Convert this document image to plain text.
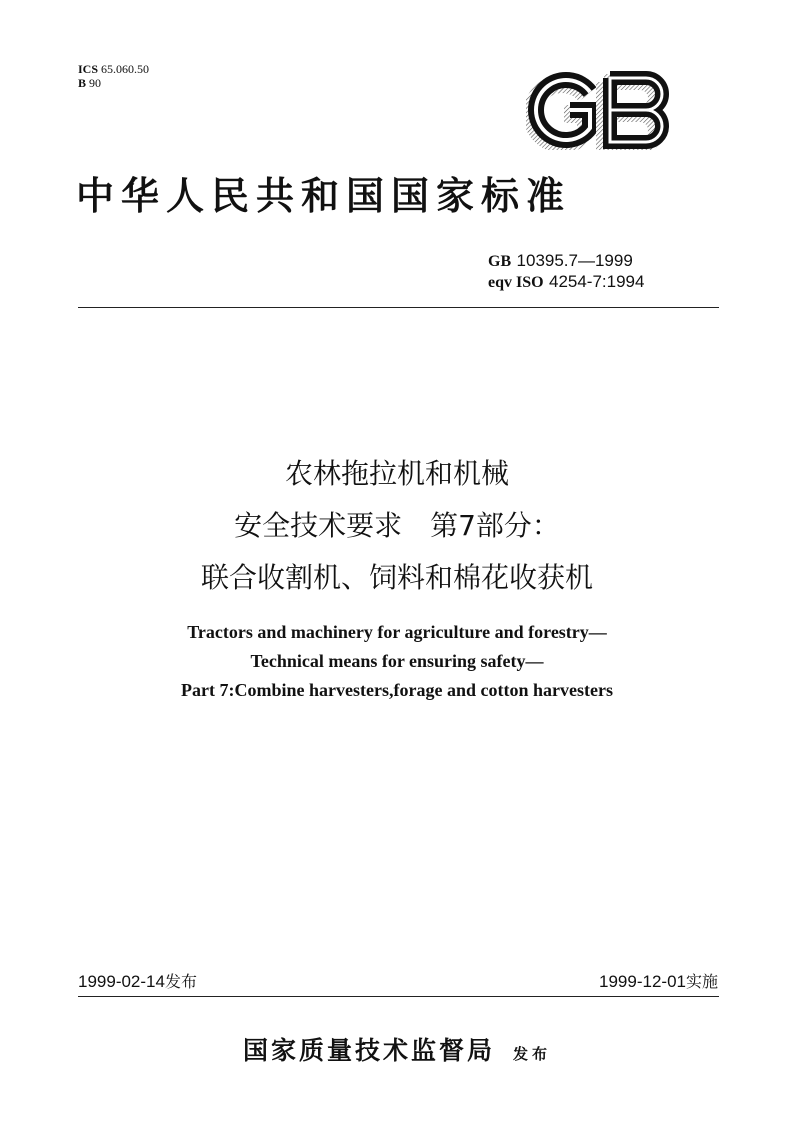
ICS 65.060.50
B 90
中华人民共和国国家标准
GB 10395.7—1999
eqv ISO 4254-7:1994
农林拖拉机和机械
安全技术要求　第7部分：
联合收割机、饲料和棉花收获机
Tractors and machinery for agriculture and forestry—
Technical means for ensuring safety—
Part 7:Combine harvesters,forage and cotton harvesters
1999-02-14发布	1999-12-01实施
国家质量技术监督局 发布
